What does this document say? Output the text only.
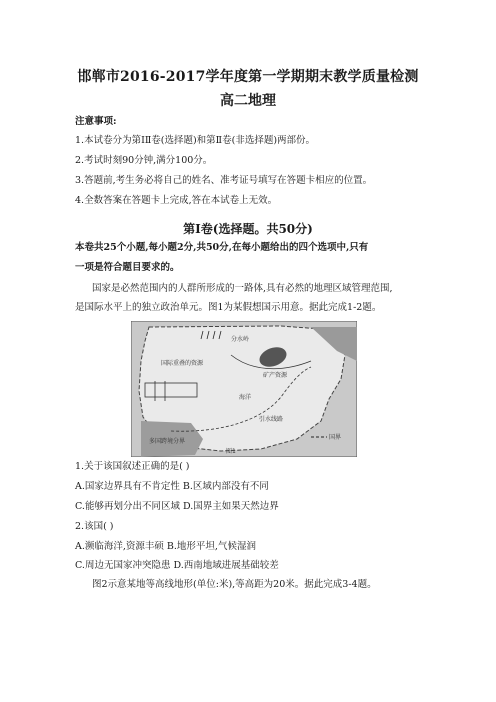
邯郸市2016-2017学年度第一学期期末教学质量检测
高二地理
注意事项:
1.本试卷分为第ⅠⅡ卷(选择题)和第Ⅱ卷(非选择题)两部份。
2.考试时刻90分钟,满分100分。
3.答题前,考生务必将自己的姓名、准考证号填写在答题卡相应的位置。
4.全数答案在答题卡上完成,答在本试卷上无效。
第Ⅰ卷(选择题。共50分)
本卷共25个小题,每小题2分,共50分,在每小题给出的四个选项中,只有
一项是符合题目要求的。
国家是必然范围内的人群所形成的一路体,具有必然的地理区域管理范围,
是国际水平上的独立政治单元。图1为某假想国示用意。据此完成1-2题。
分水岭
国际重叠的资源
矿产资源
海洋
引水线路
多国跨境分界
国界
图1
1.关于该国叙述正确的是( )
A.国家边界具有不肯定性 B.区域内部没有不同
C.能够再划分出不同区域 D.国界主如果天然边界
2.该国( )
A.濒临海洋,资源丰硕 B.地形平坦,气候湿润
C.周边无国家冲突隐患 D.西南地域进展基础较差
图2示意某地等高线地形(单位:米),等高距为20米。据此完成3-4题。
